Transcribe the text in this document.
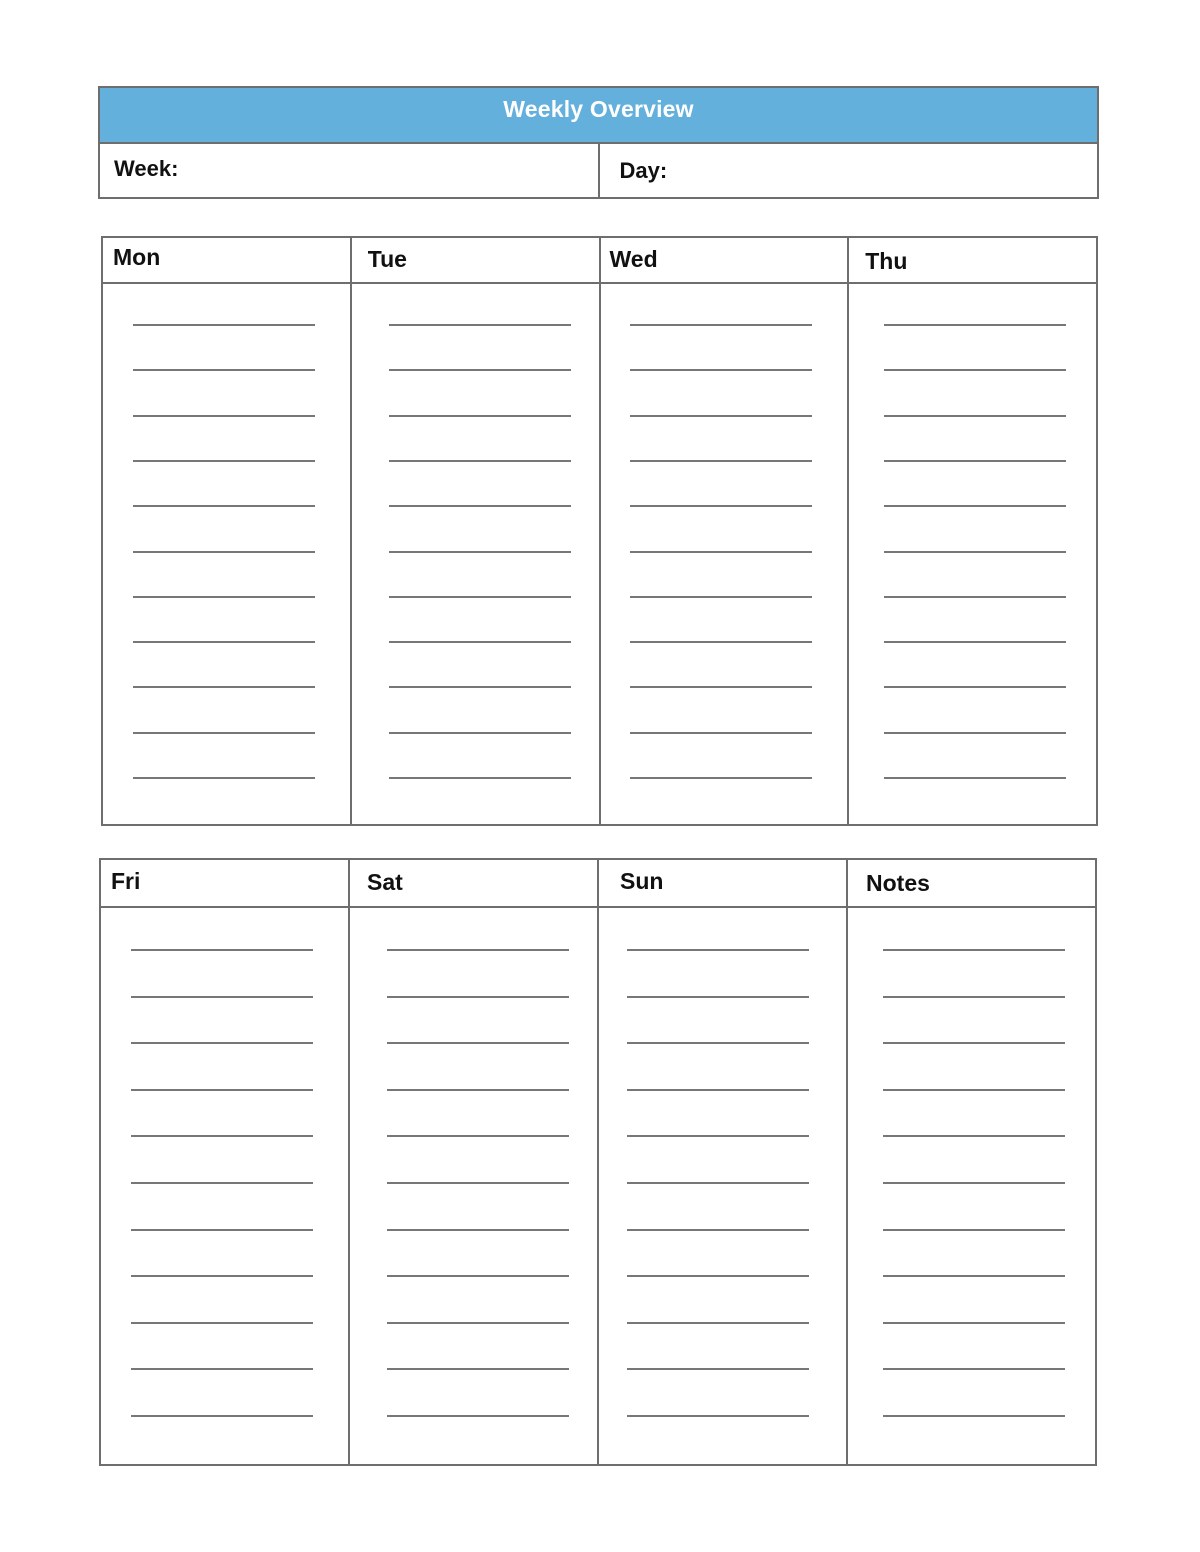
Weekly Overview
Week:	Day:
Mon	Tue	Wed	Thu
Fri	Sat	Sun	Notes
